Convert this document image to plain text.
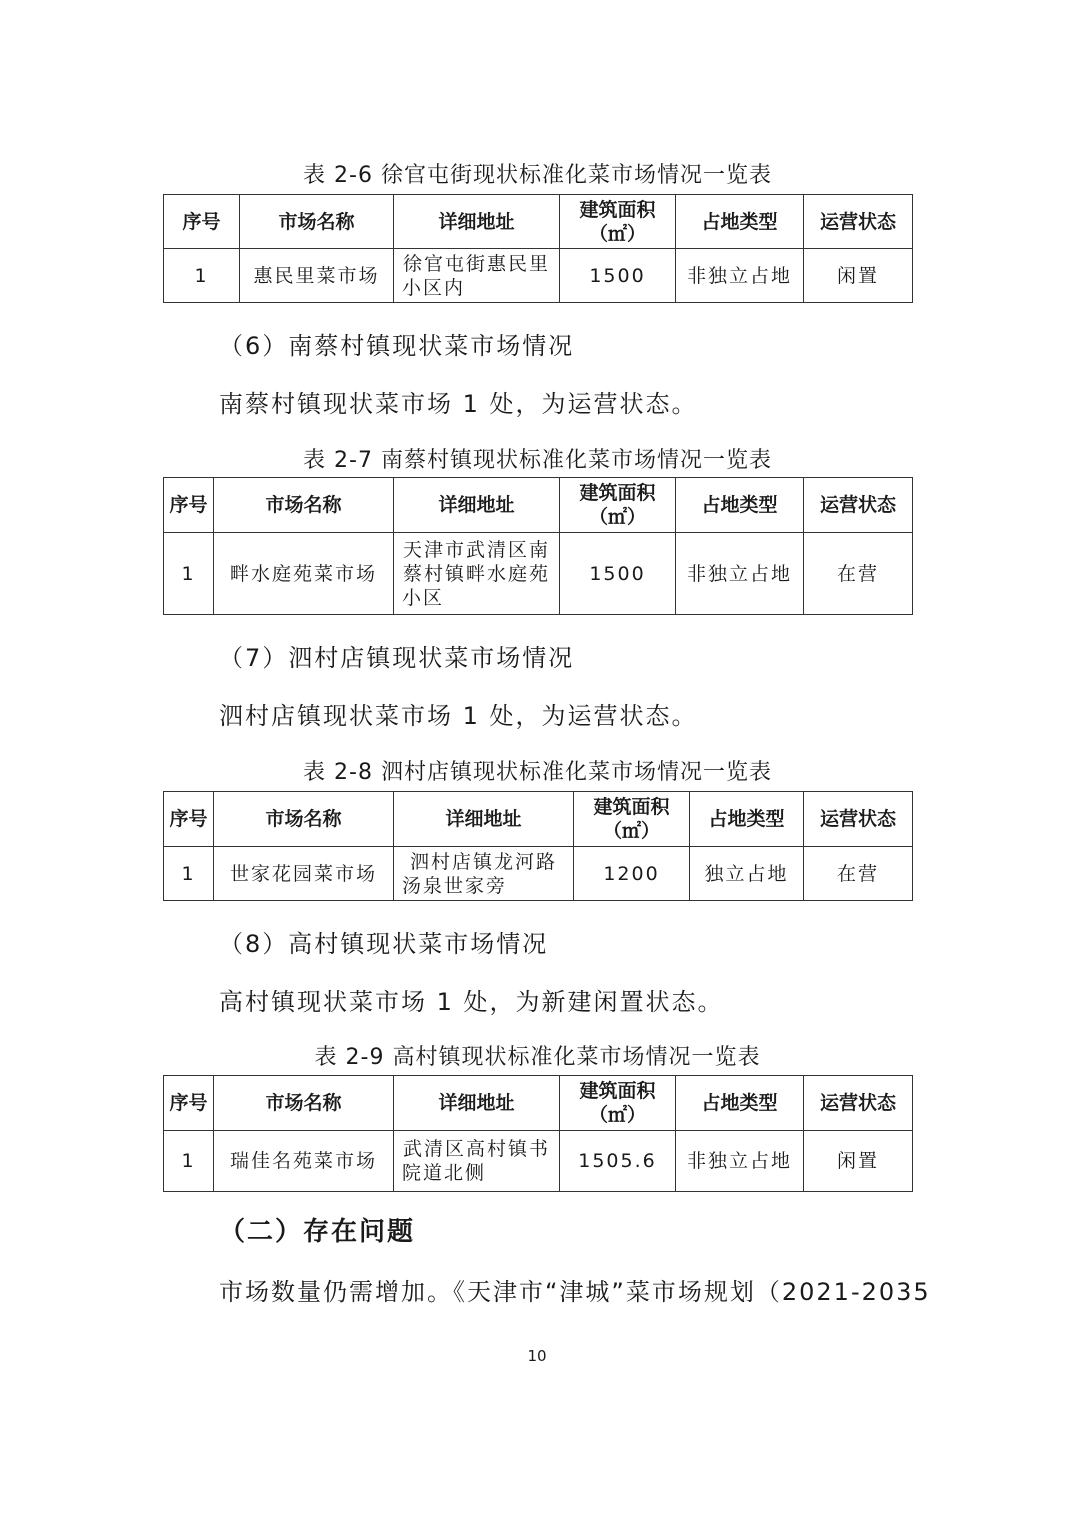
表 2-6 徐官屯街现状标准化菜市场情况一览表
序号	市场名称	详细地址	建筑面积（㎡）	占地类型	运营状态
1	惠民里菜市场	徐官屯街惠民里小区内	1500	非独立占地	闲置
（6）南蔡村镇现状菜市场情况
南蔡村镇现状菜市场 1 处，为运营状态。
表 2-7 南蔡村镇现状标准化菜市场情况一览表
序号	市场名称	详细地址	建筑面积（㎡）	占地类型	运营状态
1	畔水庭苑菜市场	天津市武清区南蔡村镇畔水庭苑小区	1500	非独立占地	在营
（7）泗村店镇现状菜市场情况
泗村店镇现状菜市场 1 处，为运营状态。
表 2-8 泗村店镇现状标准化菜市场情况一览表
序号	市场名称	详细地址	建筑面积（㎡）	占地类型	运营状态
1	世家花园菜市场	泗村店镇龙河路汤泉世家旁	1200	独立占地	在营
（8）高村镇现状菜市场情况
高村镇现状菜市场 1 处，为新建闲置状态。
表 2-9 高村镇现状标准化菜市场情况一览表
序号	市场名称	详细地址	建筑面积（㎡）	占地类型	运营状态
1	瑞佳名苑菜市场	武清区高村镇书院道北侧	1505.6	非独立占地	闲置
（二）存在问题
市场数量仍需增加。《天津市“津城”菜市场规划（2021-2035
10
